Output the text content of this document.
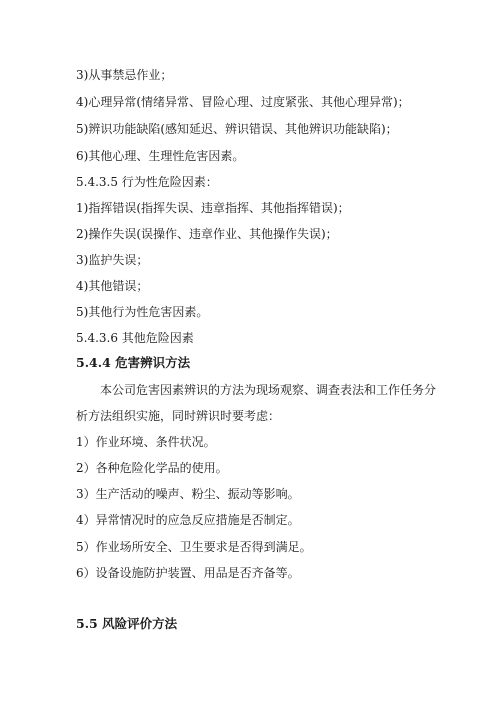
3)从事禁忌作业；
4)心理异常(情绪异常、冒险心理、过度紧张、其他心理异常)；
5)辨识功能缺陷(感知延迟、辨识错误、其他辨识功能缺陷)；
6)其他心理、生理性危害因素。
5.4.3.5 行为性危险因素：
1)指挥错误(指挥失误、违章指挥、其他指挥错误)；
2)操作失误(误操作、违章作业、其他操作失误)；
3)监护失误；
4)其他错误；
5)其他行为性危害因素。
5.4.3.6 其他危险因素
5.4.4 危害辨识方法
本公司危害因素辨识的方法为现场观察、调查表法和工作任务分
析方法组织实施，同时辨识时要考虑：
1）作业环境、条件状况。
2）各种危险化学品的使用。
3）生产活动的噪声、粉尘、振动等影响。
4）异常情况时的应急反应措施是否制定。
5）作业场所安全、卫生要求是否得到满足。
6）设备设施防护装置、用品是否齐备等。
5.5 风险评价方法
